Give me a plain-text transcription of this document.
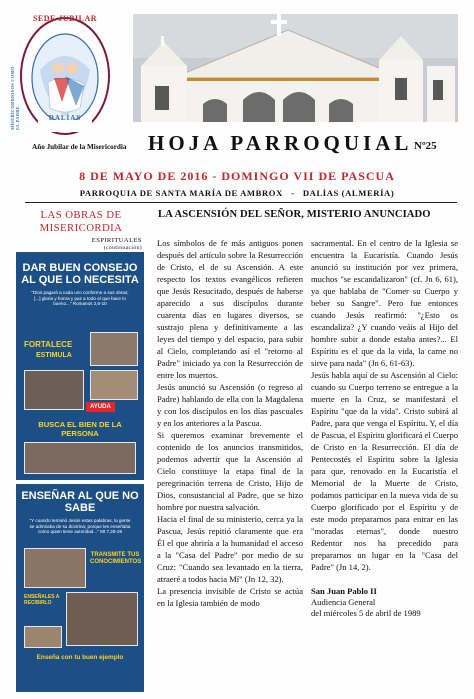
SEDE JUBILAR
DALÍAS
MISERICORDIOSOS COMO EL PADRE
Año Jubilar de la Misericordia HOJA PARROQUIAL Nº25
8 DE MAYO DE 2016 - DOMINGO VII DE PASCUA
PARROQUIA DE SANTA MARÍA DE AMBROX   -   DALÍAS (ALMERÍA)
LAS OBRAS DE MISERICORDIA
ESPIRITUALES
(continuación)
DAR BUEN CONSEJO AL QUE LO NECESITA
"Dios pagará a cada uno conforme a sus obras; [...] gloria y honra y paz a todo el que hace lo bueno..." Romanos 2,6-10
FORTALECE
ESTIMULA
AYUDA
BUSCA EL BIEN DE LA PERSONA
ENSEÑAR AL QUE NO SABE
"Y cuando terminó Jesús estas palabras, la gente se admiraba de su doctrina; porque les enseñaba como quien tiene autoridad..." Mt 7,28-29
TRANSMITE TUS CONOCIMIENTOS
ENSEÑALES A RECIBIRLO
Enseña con tu buen ejemplo
LA ASCENSIÓN DEL SEÑOR, MISTERIO ANUNCIADO

Los símbolos de fe más antiguos ponen después del artículo sobre la Resurrección de Cristo, el de su Ascensión. A este respecto los textos evangélicos refieren que Jesús Resucitado, después de haberse aparecido a sus discípulos durante cuarenta días en lugares diversos, se sustrajo plena y definitivamente a las leyes del tiempo y del espacio, para subir al Cielo, completando así el "retorno al Padre" iniciado ya con la Resurrección de entre los muertos.

Jesús anunció su Ascensión (o regreso al Padre) hablando de ella con la Magdalena y con los discípulos en los días pascuales y en los anteriores a la Pascua.

Si queremos examinar brevemente el contenido de los anuncios transmitidos, podemos advertir que la Ascensión al Cielo constituye la etapa final de la peregrinación terrena de Cristo, Hijo de Dios, consustancial al Padre, que se hizo hombre por nuestra salvación.

Hacia el final de su ministerio, cerca ya la Pascua, Jesús repitió claramente que era Él el que abriría a la humanidad el acceso a la "Casa del Padre" por medio de su Cruz: "Cuando sea levantado en la tierra, atraeré a todos hacia Mí" (Jn 12, 32).

La presencia invisible de Cristo se actúa en la Iglesia también de modo

sacramental. En el centro de la Iglesia se encuentra la Eucaristía. Cuando Jesús anunció su institución por vez primera, muchos "se escandalizaron" (cf. Jn 6, 61), ya que hablaba de "Comer su Cuerpo y beber su Sangre". Pero fue entonces cuando Jesús reafirmó: "¿Esto os escandaliza? ¿Y cuando veáis al Hijo del hombre subir a donde estaba antes?... El Espíritu es el que da la vida, la carne no sirve para nada" (Jn 6, 61-63).

Jesús habla aquí de su Ascensión al Cielo: cuando su Cuerpo terreno se entregue a la muerte en la Cruz, se manifestará el Espíritu "que da la vida". Cristo subirá al Padre, para que venga el Espíritu. Y, el día de Pascua, el Espíritu glorificará el Cuerpo de Cristo en la Resurrección. El día de Pentecostés el Espíritu sobre la Iglesia para que, renovado en la Eucaristía el Memorial de la Muerte de Cristo, podamos participar en la nueva vida de su Cuerpo glorificado por el Espíritu y de este modo prepararnos para entrar en las "moradas eternas", donde nuestro Redentor nos ha precedido para prepararnos un lugar en la "Casa del Padre" (Jn 14, 2).

San Juan Pablo II
Audiencia General
del miércoles 5 de abril de 1989
